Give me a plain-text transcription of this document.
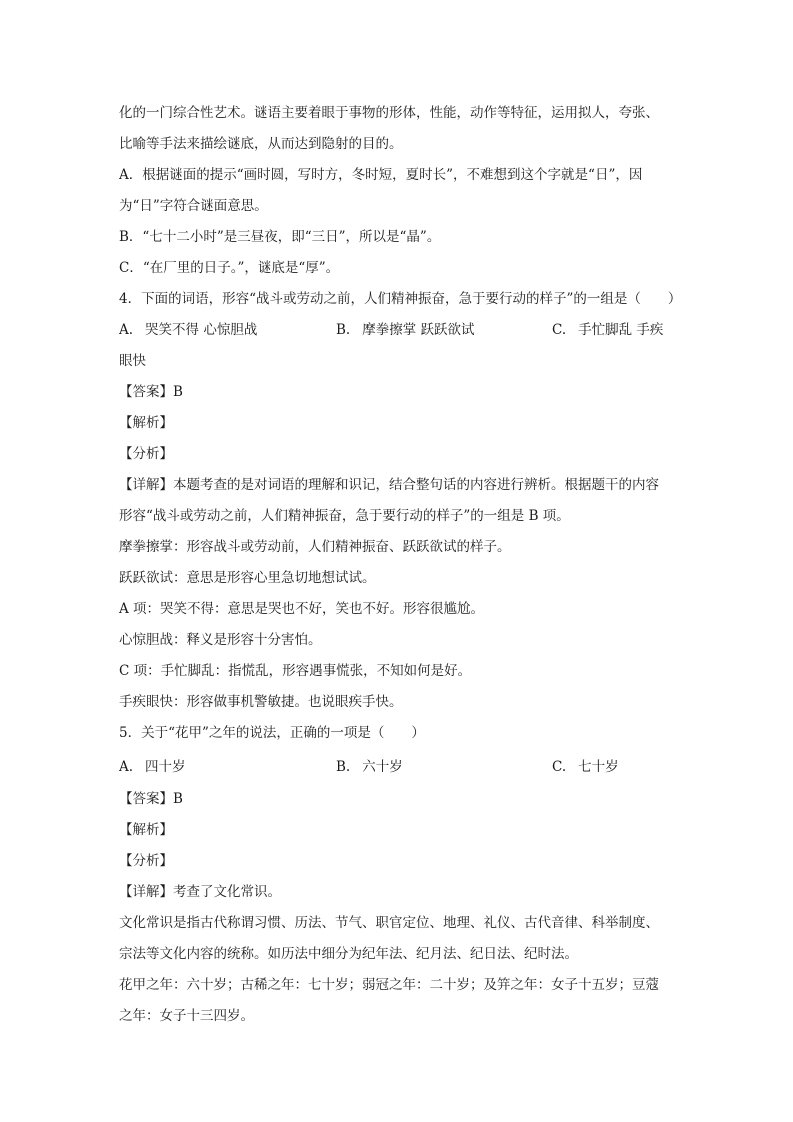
化的一门综合性艺术。谜语主要着眼于事物的形体，性能，动作等特征，运用拟人，夸张、
比喻等手法来描绘谜底，从而达到隐射的目的。
A．根据谜面的提示“画时圆，写时方，冬时短，夏时长”，不难想到这个字就是“日”，因
为“日”字符合谜面意思。
B．“七十二小时”是三昼夜，即“三日”，所以是“晶”。
C．“在厂里的日子。”，谜底是“厚”。
4．下面的词语，形容“战斗或劳动之前，人们精神振奋，急于要行动的样子”的一组是（　　）
A. 哭笑不得 心惊胆战	B. 摩拳擦掌 跃跃欲试	C. 手忙脚乱 手疾
眼快
【答案】B
【解析】
【分析】
【详解】本题考查的是对词语的理解和识记，结合整句话的内容进行辨析。根据题干的内容
形容“战斗或劳动之前，人们精神振奋，急于要行动的样子”的一组是 B 项。
摩拳擦掌：形容战斗或劳动前，人们精神振奋、跃跃欲试的样子。
跃跃欲试：意思是形容心里急切地想试试。
A 项：哭笑不得：意思是哭也不好，笑也不好。形容很尴尬。
心惊胆战：释义是形容十分害怕。
C 项：手忙脚乱：指慌乱，形容遇事慌张，不知如何是好。
手疾眼快：形容做事机警敏捷。也说眼疾手快。
5．关于“花甲”之年的说法，正确的一项是（　　）
A. 四十岁	B. 六十岁	C. 七十岁
【答案】B
【解析】
【分析】
【详解】考查了文化常识。
文化常识是指古代称谓习惯、历法、节气、职官定位、地理、礼仪、古代音律、科举制度、
宗法等文化内容的统称。如历法中细分为纪年法、纪月法、纪日法、纪时法。
花甲之年：六十岁；古稀之年：七十岁；弱冠之年：二十岁；及笄之年：女子十五岁；豆蔻
之年：女子十三四岁。
